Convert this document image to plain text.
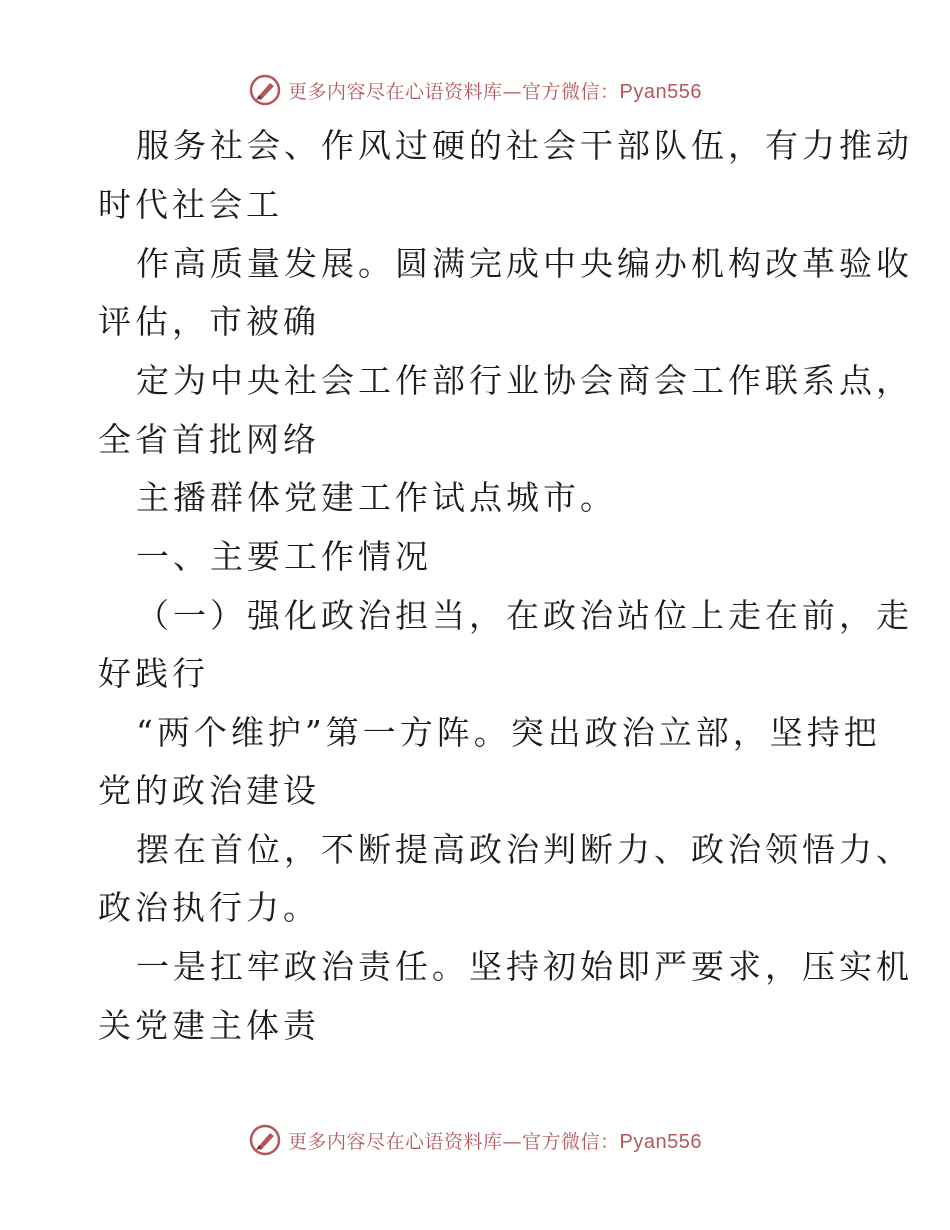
更多内容尽在心语资料库—官方微信：Pyan556
服务社会、作风过硬的社会干部队伍，有力推动
时代社会工
作高质量发展。圆满完成中央编办机构改革验收
评估，市被确
定为中央社会工作部行业协会商会工作联系点，
全省首批网络
主播群体党建工作试点城市。
一、主要工作情况
（一）强化政治担当，在政治站位上走在前，走
好践行
“两个维护”第一方阵。突出政治立部，坚持把
党的政治建设
摆在首位，不断提高政治判断力、政治领悟力、
政治执行力。
一是扛牢政治责任。坚持初始即严要求，压实机
关党建主体责
更多内容尽在心语资料库—官方微信：Pyan556
